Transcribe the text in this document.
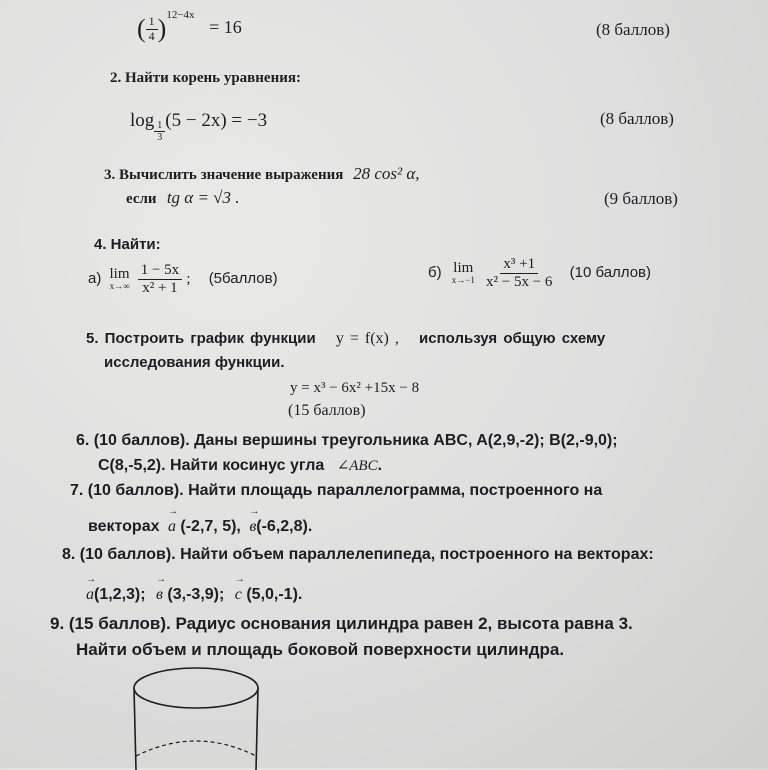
( $\frac{1}{4} )^{12-4x} = 16$	(8 баллов)
2. Найти корень уравнения:
$\log \frac{1}{3} (5 - 2x) = -3$	(8 баллов)
3. Вычислить значение выражения 28 cos² α,
если tg α = √3 .	(9 баллов)
4. Найти:
а) lim
x→∞
$\frac{1 - 5x}{\text{x² + 1}}$ ; (5баллов)	б) lim
x→−1
$\frac{\text{x³ +1}}{\text{x² − 5x − 6}} (10$ баллов)
5. Построить график функции y = f(x) , используя общую схему
исследования функции.
y = x³ − 6x² +15x − 8
(15 баллов)
6. (10 баллов). Даны вершины треугольника ABC, A(2,9,-2); B(2,-9,0);
C(8,-5,2). Найти косинус угла ∠ABC.
7. (10 баллов). Найти площадь параллелограмма, построенного на
векторах → a (-2,7, 5), → в(-6,2,8).
8. (10 баллов). Найти объем параллелепипеда, построенного на векторах:
→ a(1,2,3); → в (3,-3,9); → c (5,0,-1).
9. (15 баллов). Радиус основания цилиндра равен 2, высота равна 3.
Найти объем и площадь боковой поверхности цилиндра.
